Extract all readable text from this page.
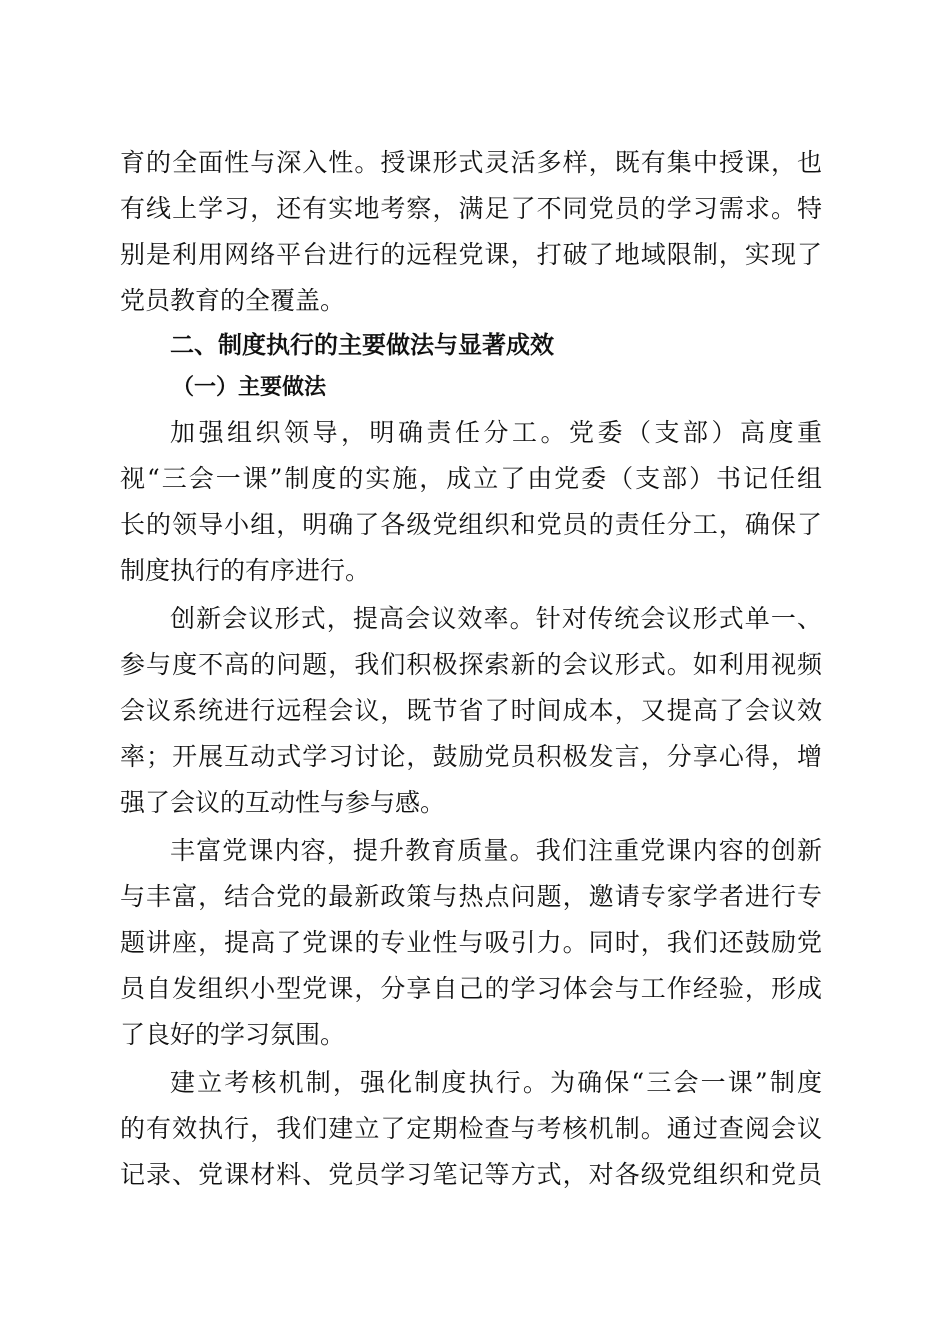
育的全面性与深入性。授课形式灵活多样，既有集中授课，也
有线上学习，还有实地考察，满足了不同党员的学习需求。特
别是利用网络平台进行的远程党课，打破了地域限制，实现了
党员教育的全覆盖。
二、制度执行的主要做法与显著成效
（一）主要做法
加强组织领导，明确责任分工。党委（支部）高度重
视“三会一课”制度的实施，成立了由党委（支部）书记任组
长的领导小组，明确了各级党组织和党员的责任分工，确保了
制度执行的有序进行。
创新会议形式，提高会议效率。针对传统会议形式单一、
参与度不高的问题，我们积极探索新的会议形式。如利用视频
会议系统进行远程会议，既节省了时间成本，又提高了会议效
率；开展互动式学习讨论，鼓励党员积极发言，分享心得，增
强了会议的互动性与参与感。
丰富党课内容，提升教育质量。我们注重党课内容的创新
与丰富，结合党的最新政策与热点问题，邀请专家学者进行专
题讲座，提高了党课的专业性与吸引力。同时，我们还鼓励党
员自发组织小型党课，分享自己的学习体会与工作经验，形成
了良好的学习氛围。
建立考核机制，强化制度执行。为确保“三会一课”制度
的有效执行，我们建立了定期检查与考核机制。通过查阅会议
记录、党课材料、党员学习笔记等方式，对各级党组织和党员
